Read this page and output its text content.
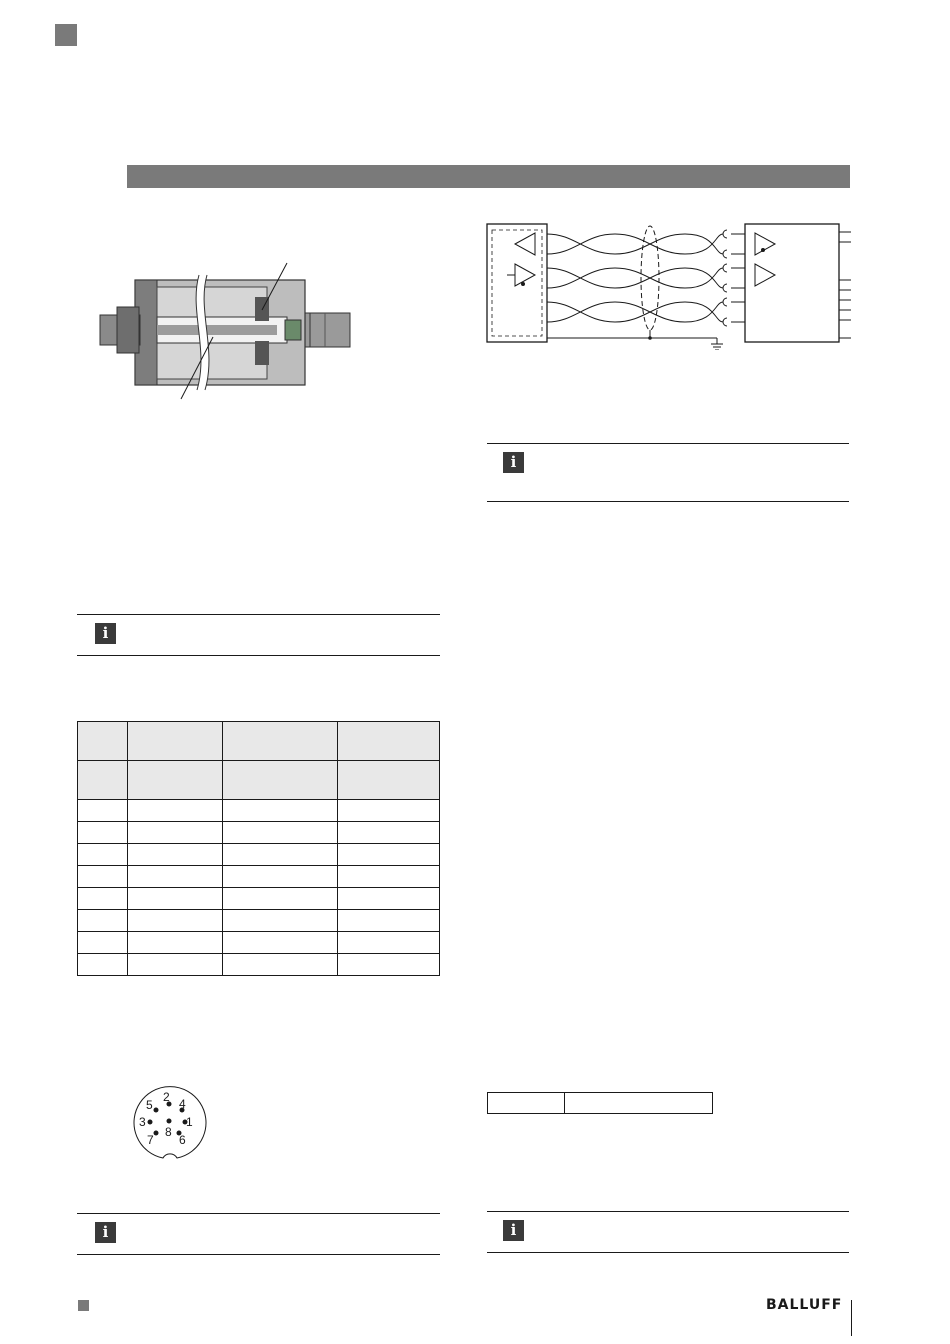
i

1
2
3
4
5
6
7
8
i
i
i
BALLUFF
